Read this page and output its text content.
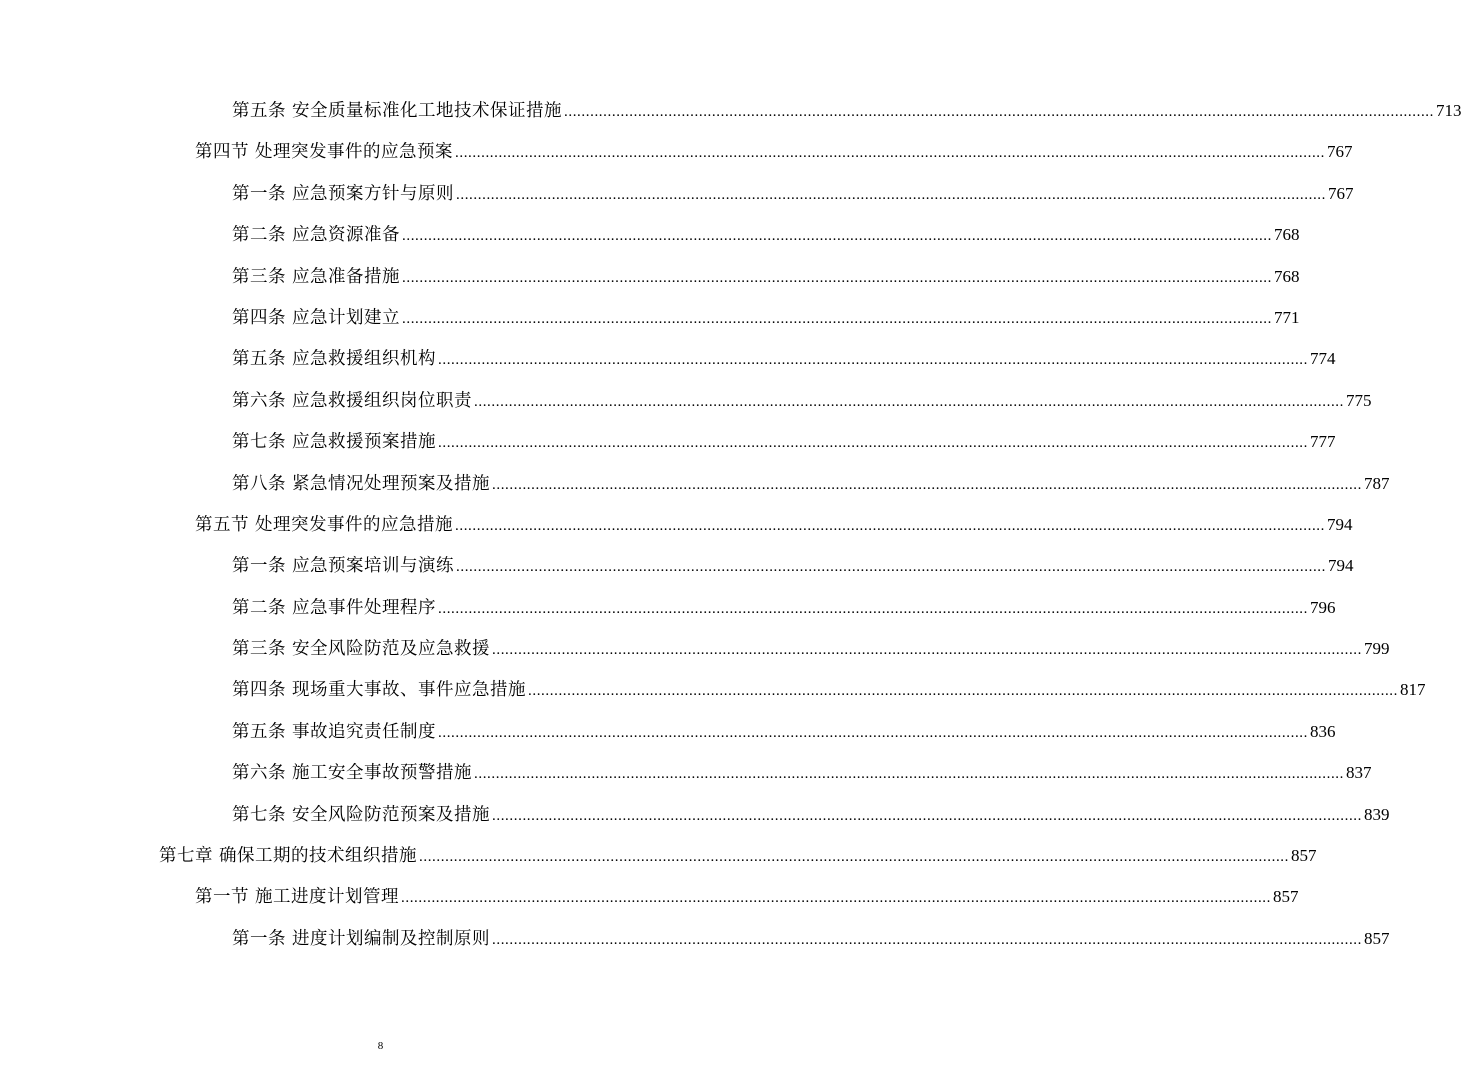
第五条 安全质量标准化工地技术保证措施 ........................................................................................................................................................................................................ 713
第四节 处理突发事件的应急预案 ........................................................................................................................................................................................................ 767
第一条 应急预案方针与原则 ........................................................................................................................................................................................................ 767
第二条 应急资源准备 ........................................................................................................................................................................................................ 768
第三条 应急准备措施 ........................................................................................................................................................................................................ 768
第四条 应急计划建立 ........................................................................................................................................................................................................ 771
第五条 应急救援组织机构 ........................................................................................................................................................................................................ 774
第六条 应急救援组织岗位职责 ........................................................................................................................................................................................................ 775
第七条 应急救援预案措施 ........................................................................................................................................................................................................ 777
第八条 紧急情况处理预案及措施 ........................................................................................................................................................................................................ 787
第五节 处理突发事件的应急措施 ........................................................................................................................................................................................................ 794
第一条 应急预案培训与演练 ........................................................................................................................................................................................................ 794
第二条 应急事件处理程序 ........................................................................................................................................................................................................ 796
第三条 安全风险防范及应急救援 ........................................................................................................................................................................................................ 799
第四条 现场重大事故、事件应急措施 ........................................................................................................................................................................................................ 817
第五条 事故追究责任制度 ........................................................................................................................................................................................................ 836
第六条 施工安全事故预警措施 ........................................................................................................................................................................................................ 837
第七条 安全风险防范预案及措施 ........................................................................................................................................................................................................ 839
第七章 确保工期的技术组织措施 ........................................................................................................................................................................................................ 857
第一节 施工进度计划管理 ........................................................................................................................................................................................................ 857
第一条 进度计划编制及控制原则 ........................................................................................................................................................................................................ 857
8
